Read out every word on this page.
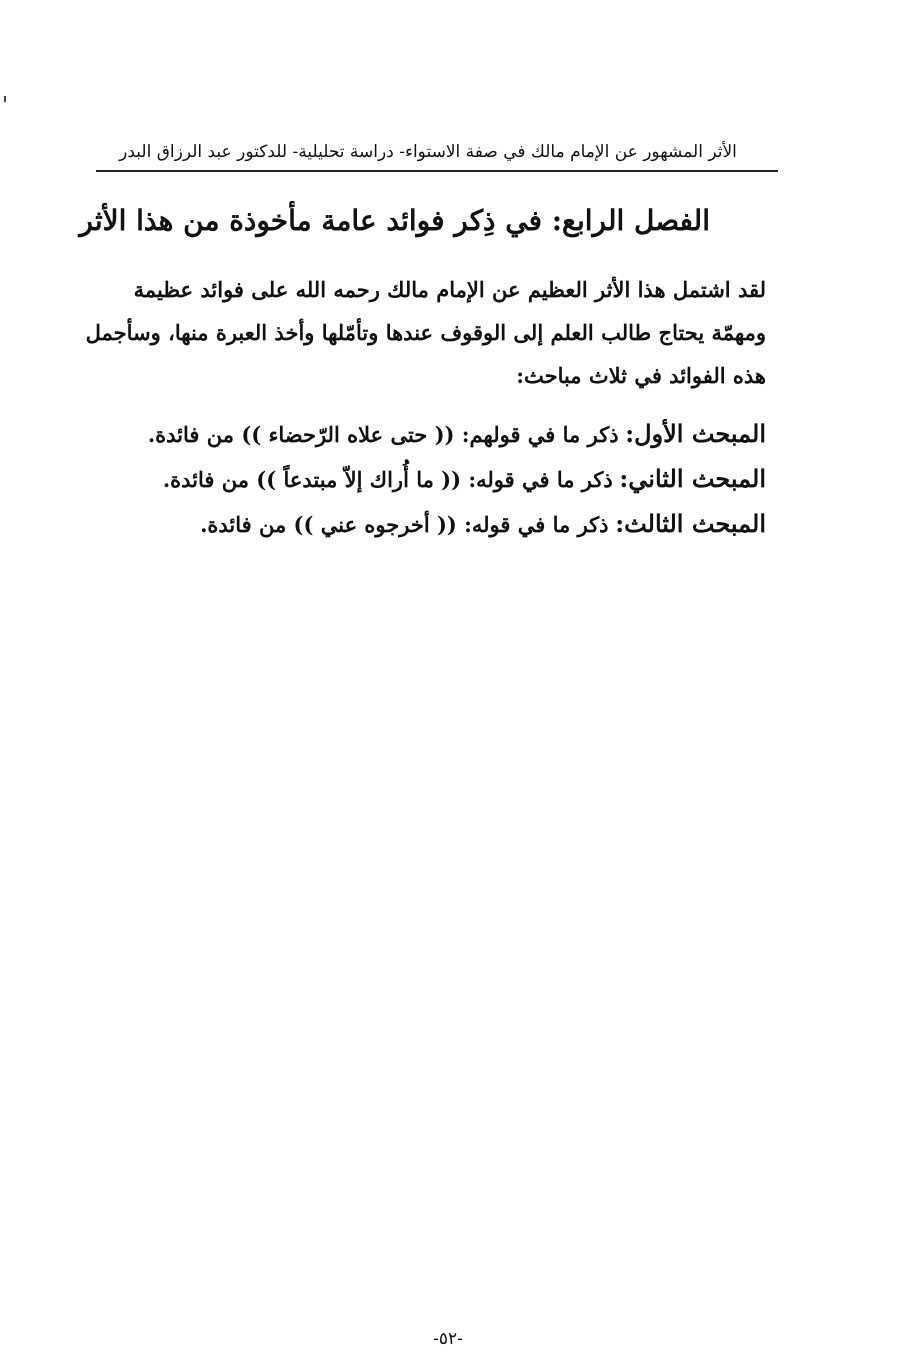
الأثر المشهور عن الإمام مالك في صفة الاستواء- دراسة تحليلية- للدكتور عبد الرزاق البدر
الفصل الرابع: في ذِكر فوائد عامة مأخوذة من هذا الأثر
لقد اشتمل هذا الأثر العظيم عن الإمام مالك رحمه الله على فوائد عظيمة
ومهمّة يحتاج طالب العلم إلى الوقوف عندها وتأمّلها وأخذ العبرة منها، وسأجمل
هذه الفوائد في ثلاث مباحث:
المبحث الأول: ذكر ما في قولهم: (( حتى علاه الرّحضاء )) من فائدة.
المبحث الثاني: ذكر ما في قوله: (( ما أُراك إلاّ مبتدعاً )) من فائدة.
المبحث الثالث: ذكر ما في قوله: (( أخرجوه عني )) من فائدة.
-٥٢-
